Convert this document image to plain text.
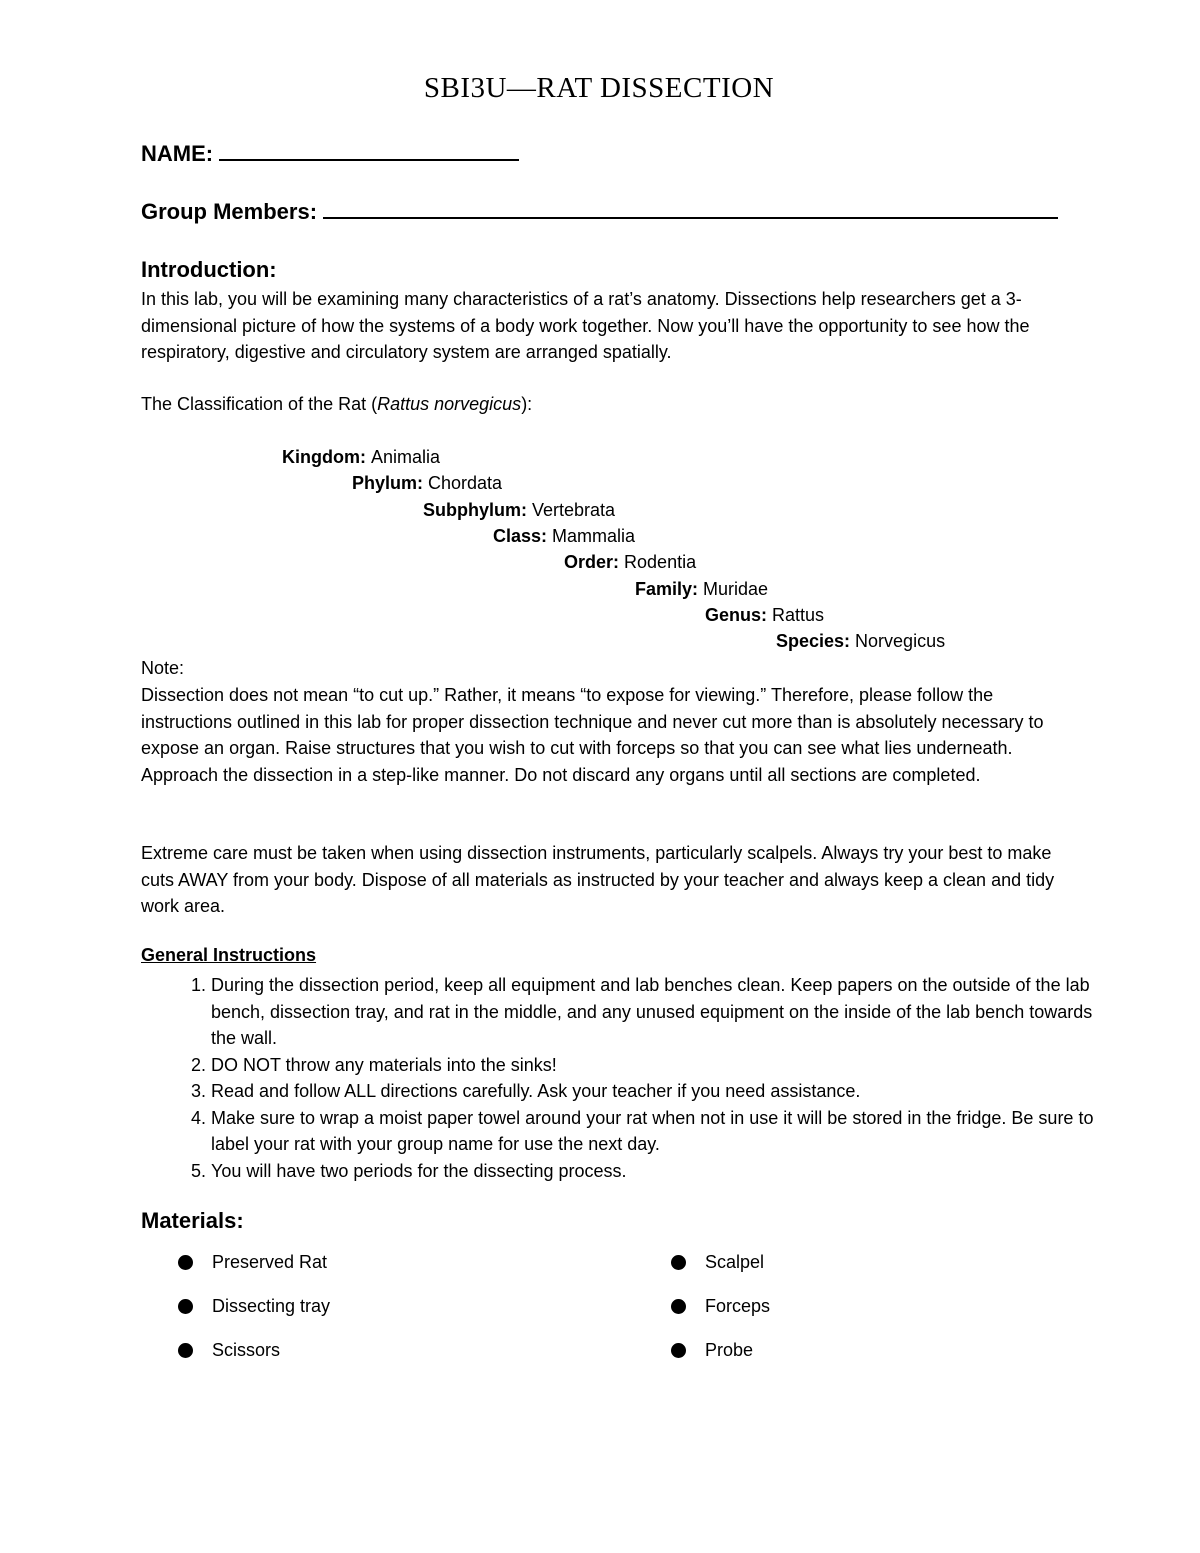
SBI3U—RAT DISSECTION
NAME:
Group Members:
Introduction:

In this lab, you will be examining many characteristics of a rat’s anatomy. Dissections help researchers get a 3-dimensional picture of how the systems of a body work together. Now you’ll have the opportunity to see how the respiratory, digestive and circulatory system are arranged spatially.

The Classification of the Rat (Rattus norvegicus):
Kingdom: Animalia
Phylum: Chordata
Subphylum: Vertebrata
Class: Mammalia
Order: Rodentia
Family: Muridae
Genus: Rattus
Species: Norvegicus
Note:

Dissection does not mean “to cut up.” Rather, it means “to expose for viewing.” Therefore, please follow the instructions outlined in this lab for proper dissection technique and never cut more than is absolutely necessary to expose an organ. Raise structures that you wish to cut with forceps so that you can see what lies underneath. Approach the dissection in a step-like manner. Do not discard any organs until all sections are completed.

Extreme care must be taken when using dissection instruments, particularly scalpels. Always try your best to make cuts AWAY from your body. Dispose of all materials as instructed by your teacher and always keep a clean and tidy work area.

General Instructions
1. During the dissection period, keep all equipment and lab benches clean. Keep papers on the outside of the lab bench, dissection tray, and rat in the middle, and any unused equipment on the inside of the lab bench towards the wall.
2. DO NOT throw any materials into the sinks!
3. Read and follow ALL directions carefully. Ask your teacher if you need assistance.
4. Make sure to wrap a moist paper towel around your rat when not in use it will be stored in the fridge. Be sure to label your rat with your group name for use the next day.
5. You will have two periods for the dissecting process.
Materials:
Preserved Rat
Dissecting tray
Scissors
Scalpel
Forceps
Probe
